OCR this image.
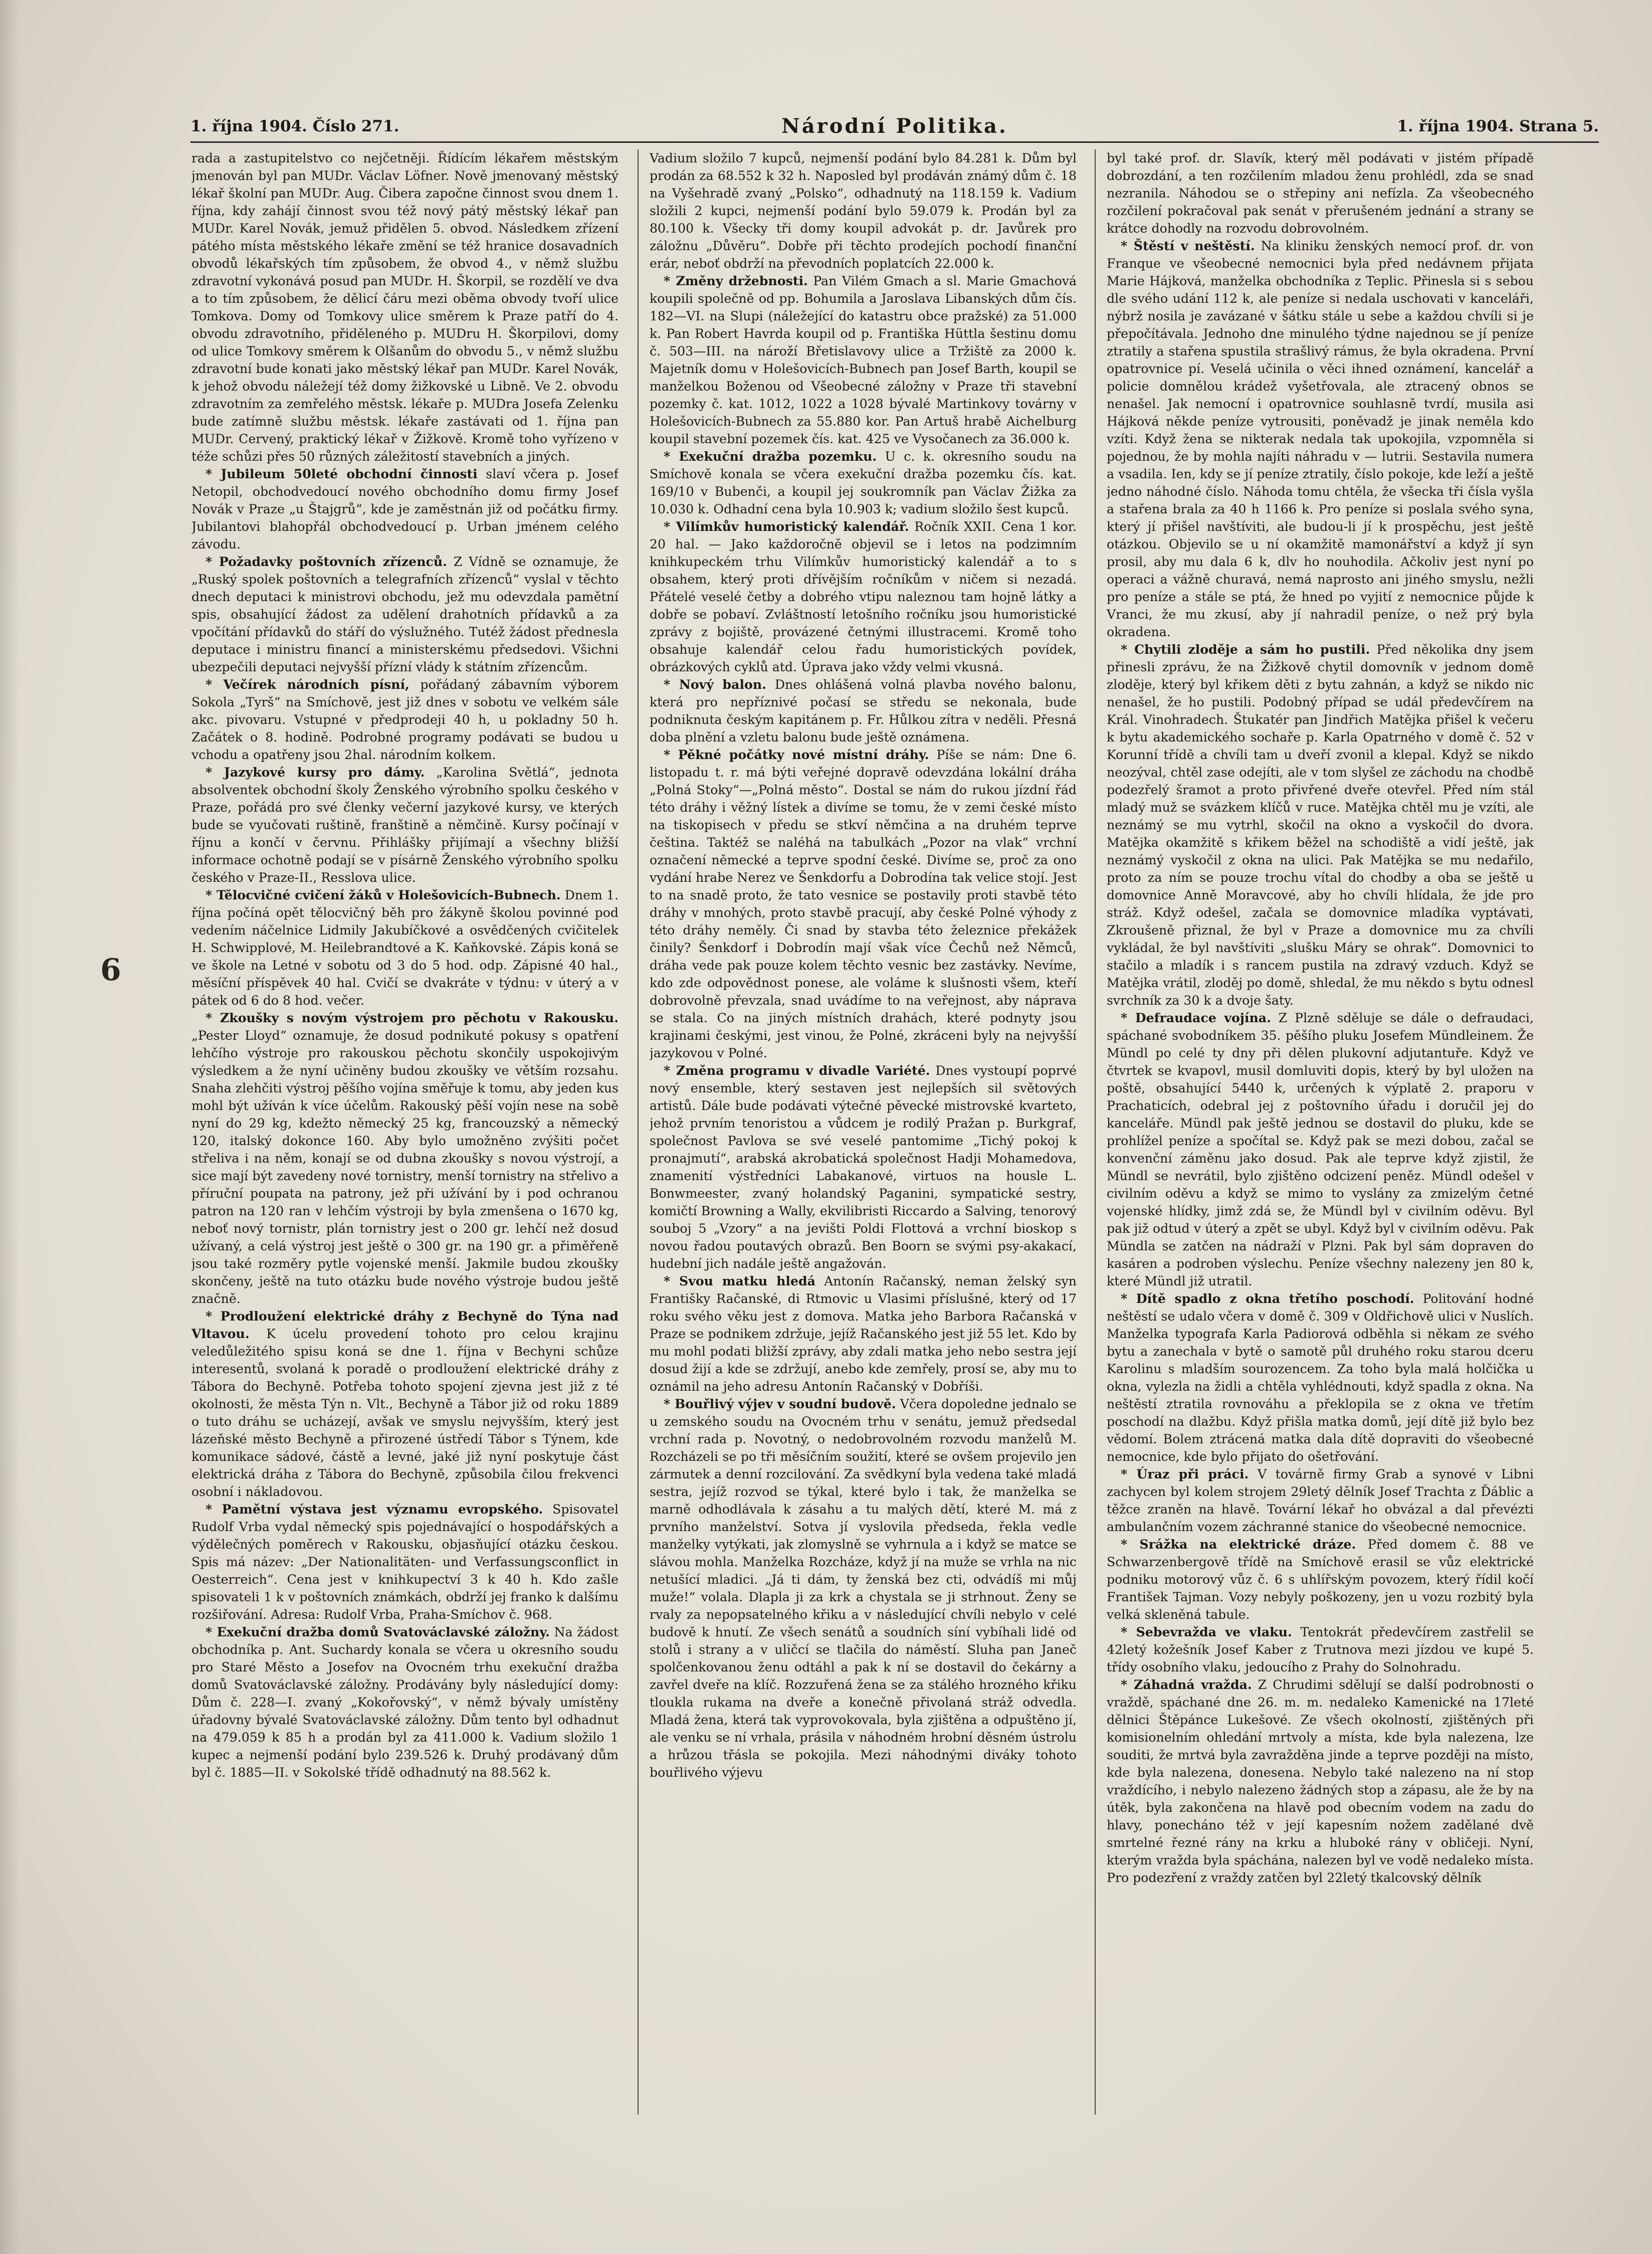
1. října 1904. Číslo 271.	Národní Politika.	1. října 1904. Strana 5.
6

rada a zastupitelstvo co nejčetněji. Řídícím lékařem městským jmenován byl pan MUDr. Václav Löfner. Nově jmenovaný městský lékař školní pan MUDr. Aug. Čibera započne činnost svou dnem 1. října, kdy zahájí činnost svou též nový pátý městský lékař pan MUDr. Karel Novák, jemuž přidělen 5. obvod. Následkem zřízení pátého místa městského lékaře změní se též hranice dosavadních obvodů lékařských tím způsobem, že obvod 4., v němž službu zdravotní vykonává posud pan MUDr. H. Škorpil, se rozdělí ve dva a to tím způsobem, že dělicí čáru mezi oběma obvody tvoří ulice Tomkova. Domy od Tomkovy ulice směrem k Praze patří do 4. obvodu zdravotního, přiděleného p. MUDru H. Škorpilovi, domy od ulice Tomkovy směrem k Olšanům do obvodu 5., v němž službu zdravotní bude konati jako městský lékař pan MUDr. Karel Novák, k jehož obvodu náležejí též domy žižkovské u Libně. Ve 2. obvodu zdravotním za zemřelého městsk. lékaře p. MUDra Josefa Zelenku bude zatímně službu městsk. lékaře zastávati od 1. října pan MUDr. Cervený, praktický lékař v Žižkově. Kromě toho vyřízeno v téže schůzi přes 50 různých záležitostí stavebních a jiných.

* Jubileum 50leté obchodní činnosti slaví včera p. Josef Netopil, obchodvedoucí nového obchodního domu firmy Josef Novák v Praze „u Štajgrů“, kde je zaměstnán již od počátku firmy. Jubilantovi blahopřál obchodvedoucí p. Urban jménem celého závodu.

* Požadavky poštovních zřízenců. Z Vídně se oznamuje, že „Ruský spolek poštovních a telegrafních zřízenců“ vyslal v těchto dnech deputaci k ministrovi obchodu, jež mu odevzdala pamětní spis, obsahující žádost za udělení drahotních přídavků a za vpočítání přídavků do stáří do výslužného. Tutéž žádost přednesla deputace i ministru financí a ministerskému předsedovi. Všichni ubezpečili deputaci nejvyšší přízní vlády k státním zřízencům.

* Večírek národních písní, pořádaný zábavním výborem Sokola „Tyrš“ na Smíchově, jest již dnes v sobotu ve velkém sále akc. pivovaru. Vstupné v předprodeji 40 h, u pokladny 50 h. Začátek o 8. hodině. Podrobné programy podávati se budou u vchodu a opatřeny jsou 2hal. národním kolkem.

* Jazykové kursy pro dámy. „Karolina Světlá“, jednota absolventek obchodní školy Ženského výrobního spolku českého v Praze, pořádá pro své členky večerní jazykové kursy, ve kterých bude se vyučovati ruštině, franštině a němčině. Kursy počínají v říjnu a končí v červnu. Přihlášky přijímají a všechny bližší informace ochotně podají se v písárně Ženského výrobního spolku českého v Praze-II., Resslova ulice.

* Tělocvičné cvičení žáků v Holešovicích-Bubnech. Dnem 1. října počíná opět tělocvičný běh pro žákyně školou povinné pod vedením náčelnice Lidmily Jakubíčkové a osvědčených cvičitelek H. Schwipplové, M. Heilebrandtové a K. Kaňkovské. Zápis koná se ve škole na Letné v sobotu od 3 do 5 hod. odp. Zápisné 40 hal., měsíční příspěvek 40 hal. Cvičí se dvakráte v týdnu: v úterý a v pátek od 6 do 8 hod. večer.

* Zkoušky s novým výstrojem pro pěchotu v Rakousku. „Pester Lloyd“ oznamuje, že dosud podnikuté pokusy s opatření lehčího výstroje pro rakouskou pěchotu skončily uspokojivým výsledkem a že nyní učiněny budou zkoušky ve větším rozsahu. Snaha zlehčiti výstroj pěšího vojína směřuje k tomu, aby jeden kus mohl být užíván k více účelům. Rakouský pěší vojín nese na sobě nyní do 29 kg, kdežto německý 25 kg, francouzský a německý 120, italský dokonce 160. Aby bylo umožněno zvýšiti počet střeliva i na něm, konají se od dubna zkoušky s novou výstrojí, a sice mají být zavedeny nové tornistry, menší tornistry na střelivo a příruční poupata na patrony, jež při užívání by i pod ochranou patron na 120 ran v lehčím výstroji by byla zmenšena o 1670 kg, neboť nový tornistr, plán tornistry jest o 200 gr. lehčí než dosud užívaný, a celá výstroj jest ještě o 300 gr. na 190 gr. a přiměřeně jsou také rozměry pytle vojenské menší. Jakmile budou zkoušky skončeny, ještě na tuto otázku bude nového výstroje budou ještě značně.

* Prodloužení elektrické dráhy z Bechyně do Týna nad Vltavou. K úcelu provedení tohoto pro celou krajinu veledůležitého spisu koná se dne 1. října v Bechyni schůze interesentů, svolaná k poradě o prodloužení elektrické dráhy z Tábora do Bechyně. Potřeba tohoto spojení zjevna jest již z té okolnosti, že města Týn n. Vlt., Bechyně a Tábor již od roku 1889 o tuto dráhu se ucházejí, avšak ve smyslu nejvyšším, který jest lázeňské město Bechyně a přirozené ústředí Tábor s Týnem, kde komunikace sádové, částě a levné, jaké již nyní poskytuje část elektrická dráha z Tábora do Bechyně, způsobila čilou frekvenci osobní i nákladovou.

* Pamětní výstava jest významu evropského. Spisovatel Rudolf Vrba vydal německý spis pojednávající o hospodářských a výdělečných poměrech v Rakousku, objasňující otázku českou. Spis má název: „Der Nationalitäten- und Verfassungsconflict in Oesterreich“. Cena jest v knihkupectví 3 k 40 h. Kdo zašle spisovateli 1 k v poštovních známkách, obdrží jej franko k dalšímu rozšiřování. Adresa: Rudolf Vrba, Praha-Smíchov č. 968.

* Exekuční dražba domů Svatováclavské záložny. Na žádost obchodníka p. Ant. Suchardy konala se včera u okresního soudu pro Staré Město a Josefov na Ovocném trhu exekuční dražba domů Svatováclavské záložny. Prodávány byly následující domy: Dům č. 228—I. zvaný „Kokořovský“, v němž bývaly umístěny úřadovny bývalé Svatováclavské záložny. Dům tento byl odhadnut na 479.059 k 85 h a prodán byl za 411.000 k. Vadium složilo 1 kupec a nejmenší podání bylo 239.526 k. Druhý prodávaný dům byl č. 1885—II. v Sokolské třídě odhadnutý na 88.562 k.

Vadium složilo 7 kupců, nejmenší podání bylo 84.281 k. Dům byl prodán za 68.552 k 32 h. Naposled byl prodáván známý dům č. 18 na Vyšehradě zvaný „Polsko“, odhadnutý na 118.159 k. Vadium složili 2 kupci, nejmenší podání bylo 59.079 k. Prodán byl za 80.100 k. Všecky tři domy koupil advokát p. dr. Javůrek pro záložnu „Důvěru“. Dobře při těchto prodejích pochodí finanční erár, neboť obdrží na převodních poplatcích 22.000 k.

* Změny držebnosti. Pan Vilém Gmach a sl. Marie Gmachová koupili společně od pp. Bohumila a Jaroslava Libanských dům čís. 182—VI. na Slupi (náležející do katastru obce pražské) za 51.000 k. Pan Robert Havrda koupil od p. Františka Hüttla šestinu domu č. 503—III. na nároží Břetislavovy ulice a Tržiště za 2000 k. Majetník domu v Holešovicích-Bubnech pan Josef Barth, koupil se manželkou Boženou od Všeobecné záložny v Praze tři stavební pozemky č. kat. 1012, 1022 a 1028 bývalé Martinkovy továrny v Holešovicích-Bubnech za 55.880 kor. Pan Artuš hrabě Aichelburg koupil stavební pozemek čís. kat. 425 ve Vysočanech za 36.000 k.

* Exekuční dražba pozemku. U c. k. okresního soudu na Smíchově konala se včera exekuční dražba pozemku čís. kat. 169/10 v Bubenči, a koupil jej soukromník pan Václav Žižka za 10.030 k. Odhadní cena byla 10.903 k; vadium složilo šest kupců.

* Vilímkův humoristický kalendář. Ročník XXII. Cena 1 kor. 20 hal. — Jako každoročně objevil se i letos na podzimním knihkupeckém trhu Vilímkův humoristický kalendář a to s obsahem, který proti dřívějším ročníkům v ničem si nezadá. Přátelé veselé četby a dobrého vtipu naleznou tam hojně látky a dobře se pobaví. Zvláštností letošního ročníku jsou humoristické zprávy z bojiště, provázené četnými illustracemi. Kromě toho obsahuje kalendář celou řadu humoristických povídek, obrázkových cyklů atd. Úprava jako vždy velmi vkusná.

* Nový balon. Dnes ohlášená volná plavba nového balonu, která pro nepříznivé počasí se středu se nekonala, bude podniknuta českým kapitánem p. Fr. Hůlkou zítra v neděli. Přesná doba plnění a vzletu balonu bude ještě oznámena.

* Pěkné počátky nové místní dráhy. Píše se nám: Dne 6. listopadu t. r. má býti veřejné dopravě odevzdána lokální dráha „Polná Stoky“—„Polná město“. Dostal se nám do rukou jízdní řád této dráhy i věžný lístek a divíme se tomu, že v zemi české místo na tiskopisech v předu se stkví němčina a na druhém teprve čeština. Taktéž se naléhá na tabulkách „Pozor na vlak“ vrchní označení německé a teprve spodní české. Divíme se, proč za ono vydání hrabe Nerez ve Šenkdorfu a Dobrodína tak velice stojí. Jest to na snadě proto, že tato vesnice se postavily proti stavbě této dráhy v mnohých, proto stavbě pracují, aby české Polné výhody z této dráhy neměly. Či snad by stavba této železnice překážek činily? Šenkdorf i Dobrodín mají však více Čechů než Němců, dráha vede pak pouze kolem těchto vesnic bez zastávky. Nevíme, kdo zde odpovědnost ponese, ale voláme k slušnosti všem, kteří dobrovolně převzala, snad uvádíme to na veřejnost, aby náprava se stala. Co na jiných místních drahách, které podnyty jsou krajinami českými, jest vinou, že Polné, zkráceni byly na nejvyšší jazykovou v Polné.

* Změna programu v divadle Variété. Dnes vystoupí poprvé nový ensemble, který sestaven jest nejlepších sil světových artistů. Dále bude podávati výtečné pěvecké mistrovské kvarteto, jehož prvním tenoristou a vůdcem je rodilý Pražan p. Burkgraf, společnost Pavlova se své veselé pantomime „Tichý pokoj k pronajmutí“, arabská akrobatická společnost Hadji Mohamedova, znamenití výstředníci Labakanové, virtuos na housle L. Bonwmeester, zvaný holandský Paganini, sympatické sestry, komičtí Browning a Wally, ekvilibristi Riccardo a Salving, tenorový souboj 5 „Vzory“ a na jevišti Poldi Flottová a vrchní bioskop s novou řadou poutavých obrazů. Ben Boorn se svými psy-akakací, hudební jich nadále ještě angažován.

* Svou matku hledá Antonín Račanský, neman želský syn Františky Račanské, di Rtmovic u Vlasimi příslušné, který od 17 roku svého věku jest z domova. Matka jeho Barbora Račanská v Praze se podnikem zdržuje, jejíž Račanského jest již 55 let. Kdo by mu mohl podati bližší zprávy, aby zdali matka jeho nebo sestra její dosud žijí a kde se zdržují, anebo kde zemřely, prosí se, aby mu to oznámil na jeho adresu Antonín Račanský v Dobříši.

* Bouřlivý výjev v soudní budově. Včera dopoledne jednalo se u zemského soudu na Ovocném trhu v senátu, jemuž předsedal vrchní rada p. Novotný, o nedobrovolném rozvodu manželů M. Rozcházeli se po tři měsíčním soužití, které se ovšem projevilo jen zármutek a denní rozcilování. Za svědkyní byla vedena také mladá sestra, jejíž rozvod se týkal, které bylo i tak, že manželka se marně odhodlávala k zásahu a tu malých dětí, které M. má z prvního manželství. Sotva jí vyslovila předseda, řekla vedle manželky vytýkati, jak zlomyslně se vyhrnula a i když se matce se slávou mohla. Manželka Rozcháze, když jí na muže se vrhla na nic netušící mladici. „Já ti dám, ty ženská bez cti, odvádíš mi můj muže!“ volala. Dlapla ji za krk a chystala se ji strhnout. Ženy se rvaly za nepopsatelného křiku a v následující chvíli nebylo v celé budově k hnutí. Ze všech senátů a soudních síní vybíhali lidé od stolů i strany a v uličcí se tlačila do náměstí. Sluha pan Janeč spolčenkovanou ženu odtáhl a pak k ní se dostavil do čekárny a zavřel dveře na klíč. Rozzuřená žena se za stálého hrozného křiku tloukla rukama na dveře a konečně přivolaná stráž odvedla. Mladá žena, která tak vyprovokovala, byla zjištěna a odpuštěno jí, ale venku se ní vrhala, prásila v náhodném hrobní děsném ústrolu a hrůzou třásla se pokojila. Mezi náhodnými diváky tohoto bouřlivého výjevu

byl také prof. dr. Slavík, který měl podávati v jistém případě dobrozdání, a ten rozčilením mladou ženu prohlédl, zda se snad nezranila. Náhodou se o střepiny ani nefízla. Za všeobecného rozčilení pokračoval pak senát v přerušeném jednání a strany se krátce dohodly na rozvodu dobrovolném.

* Štěstí v neštěstí. Na kliniku ženských nemocí prof. dr. von Franque ve všeobecné nemocnici byla před nedávnem přijata Marie Hájková, manželka obchodníka z Teplic. Přinesla si s sebou dle svého udání 112 k, ale peníze si nedala uschovati v kanceláři, nýbrž nosila je zavázané v šátku stále u sebe a každou chvíli si je přepočítávala. Jednoho dne minulého týdne najednou se jí peníze ztratily a stařena spustila strašlivý rámus, že byla okradena. První opatrovnice pí. Veselá učinila o věci ihned oznámení, kancelář a policie domnělou krádež vyšetřovala, ale ztracený obnos se nenašel. Jak nemocní i opatrovnice souhlasně tvrdí, musila asi Hájková někde peníze vytrousiti, poněvadž je jinak neměla kdo vzíti. Když žena se nikterak nedala tak upokojila, vzpomněla si pojednou, že by mohla najíti náhradu v — lutrii. Sestavila numera a vsadila. Ien, kdy se jí peníze ztratily, číslo pokoje, kde leží a ještě jedno náhodné číslo. Náhoda tomu chtěla, že všecka tři čísla vyšla a stařena brala za 40 h 1166 k. Pro peníze si poslala svého syna, který jí přišel navštíviti, ale budou-li jí k prospěchu, jest ještě otázkou. Objevilo se u ní okamžitě mamonářství a když jí syn prosil, aby mu dala 6 k, dlv ho nouhodila. Ačkoliv jest nyní po operaci a vážně churavá, nemá naprosto ani jiného smyslu, nežli pro peníze a stále se ptá, že hned po vyjití z nemocnice půjde k Vranci, že mu zkusí, aby jí nahradil peníze, o než prý byla okradena.

* Chytili zloděje a sám ho pustili. Před několika dny jsem přinesli zprávu, že na Žižkově chytil domovník v jednom domě zloděje, který byl křikem děti z bytu zahnán, a když se nikdo nic nenašel, že ho pustili. Podobný případ se udál předevčírem na Král. Vinohradech. Štukatér pan Jindřich Matějka přišel k večeru k bytu akademického sochaře p. Karla Opatrného v domě č. 52 v Korunní třídě a chvíli tam u dveří zvonil a klepal. Když se nikdo neozýval, chtěl zase odejíti, ale v tom slyšel ze záchodu na chodbě podezřelý šramot a proto přivřené dveře otevřel. Před ním stál mladý muž se svázkem klíčů v ruce. Matějka chtěl mu je vzíti, ale neznámý se mu vytrhl, skočil na okno a vyskočil do dvora. Matějka okamžitě s křikem běžel na schodiště a vidí ještě, jak neznámý vyskočil z okna na ulici. Pak Matějka se mu nedařilo, proto za ním se pouze trochu vítal do chodby a oba se ještě u domovnice Anně Moravcové, aby ho chvíli hlídala, že jde pro stráž. Když odešel, začala se domovnice mladíka vyptávati, Zkroušeně přiznal, že byl v Praze a domovnice mu za chvíli vykládal, že byl navštíviti „slušku Máry se ohrak“. Domovnici to stačilo a mladík i s rancem pustila na zdravý vzduch. Když se Matějka vrátil, zloděj po domě, shledal, že mu někdo s bytu odnesl svrchník za 30 k a dvoje šaty.

* Defraudace vojína. Z Plzně sděluje se dále o defraudaci, spáchané svobodníkem 35. pěšího pluku Josefem Mündleinem. Že Mündl po celé ty dny při dělen plukovní adjutantuře. Když ve čtvrtek se kvapovl, musil domluviti dopis, který by byl uložen na poště, obsahující 5440 k, určených k výplatě 2. praporu v Prachaticích, odebral jej z poštovního úřadu i doručil jej do kanceláře. Mündl pak ještě jednou se dostavil do pluku, kde se prohlížel peníze a spočítal se. Když pak se mezi dobou, začal se konvenční záměnu jako dosud. Pak ale teprve když zjistil, že Mündl se nevrátil, bylo zjištěno odcizení peněz. Mündl odešel v civilním oděvu a když se mimo to vyslány za zmizelým četné vojenské hlídky, jimž zdá se, že Mündl byl v civilním oděvu. Byl pak již odtud v úterý a zpět se ubyl. Když byl v civilním oděvu. Pak Mündla se zatčen na nádraží v Plzni. Pak byl sám dopraven do kasáren a podroben výslechu. Peníze všechny nalezeny jen 80 k, které Mündl již utratil.

* Dítě spadlo z okna třetího poschodí. Politování hodné neštěstí se udalo včera v domě č. 309 v Oldřichově ulici v Nuslích. Manželka typografa Karla Padiorová odběhla si někam ze svého bytu a zanechala v bytě o samotě půl druhého roku starou dceru Karolinu s mladším sourozencem. Za toho byla malá holčička u okna, vylezla na židli a chtěla vyhlédnouti, když spadla z okna. Na neštěstí ztratila rovnováhu a překlopila se z okna ve třetím poschodí na dlažbu. Když přišla matka domů, její dítě již bylo bez vědomí. Bolem ztrácená matka dala dítě dopraviti do všeobecné nemocnice, kde bylo přijato do ošetřování.

* Úraz při práci. V továrně firmy Grab a synové v Libni zachycen byl kolem strojem 29letý dělník Josef Trachta z Ďáblic a těžce zraněn na hlavě. Tovární lékař ho obvázal a dal převézti ambulančním vozem záchranné stanice do všeobecné nemocnice.

* Srážka na elektrické dráze. Před domem č. 88 ve Schwarzenbergově třídě na Smíchově erasil se vůz elektrické podniku motorový vůz č. 6 s uhlířským povozem, který řídil kočí František Tajman. Vozy nebyly poškozeny, jen u vozu rozbitý byla velká skleněná tabule.

* Sebevražda ve vlaku. Tentokrát předevčírem zastřelil se 42letý kožešník Josef Kaber z Trutnova mezi jízdou ve kupé 5. třídy osobního vlaku, jedoucího z Prahy do Solnohradu.

* Záhadná vražda. Z Chrudimi sdělují se další podrobnosti o vraždě, spáchané dne 26. m. m. nedaleko Kamenické na 17leté dělnici Štěpánce Lukešové. Ze všech okolností, zjištěných při komisionelním ohledání mrtvoly a místa, kde byla nalezena, lze souditi, že mrtvá byla zavražděna jinde a teprve později na místo, kde byla nalezena, donesena. Nebylo také nalezeno na ní stop vraždícího, i nebylo nalezeno žádných stop a zápasu, ale že by na útěk, byla zakončena na hlavě pod obecním vodem na zadu do hlavy, ponecháno též v její kapesním nožem zadělané dvě smrtelné řezné rány na krku a hluboké rány v obličeji. Nyní, kterým vražda byla spáchána, nalezen byl ve vodě nedaleko místa. Pro podezření z vraždy zatčen byl 22letý tkalcovský dělník
